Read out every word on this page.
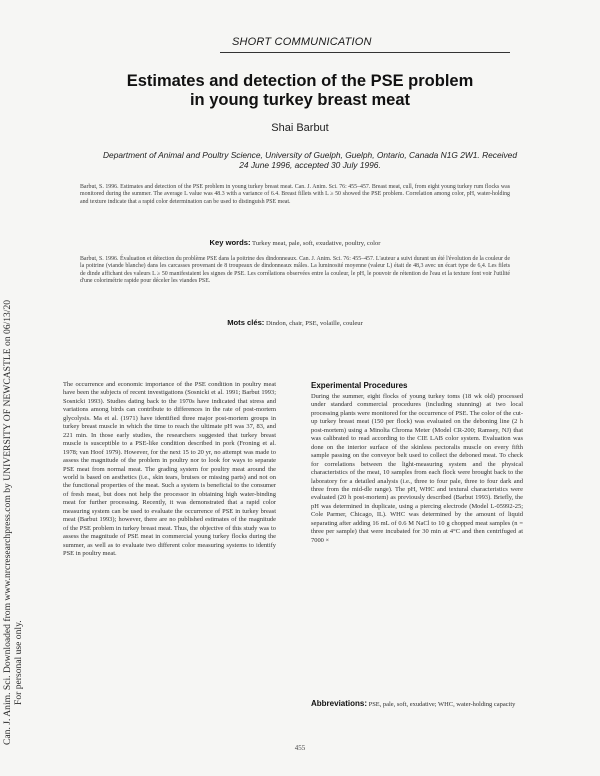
Can. J. Anim. Sci. Downloaded from www.nrcresearchpress.com by UNIVERSITY OF NEWCASTLE on 06/13/20 For personal use only.
SHORT COMMUNICATION
Estimates and detection of the PSE problem
in young turkey breast meat
Shai Barbut
Department of Animal and Poultry Science, University of Guelph, Guelph, Ontario, Canada N1G 2W1. Received
24 June 1996, accepted 30 July 1996.
Barbut, S. 1996. Estimates and detection of the PSE problem in young turkey breast meat. Can. J. Anim. Sci. 76: 455–457. Breast meat, cull, from eight young turkey rum flocks was monitored during the summer. The average L value was 48.3 with a variance of 6.4. Breast fillets with L ≥ 50 showed the PSE problem. Correlation among color, pH, water-holding and texture indicate that a rapid color determination can be used to distinguish PSE meat.
Key words: Turkey meat, pale, soft, exudative, poultry, color
Barbut, S. 1996. Évaluation et détection du problème PSE dans la poitrine des dindonneaux. Can. J. Anim. Sci. 76: 455–457. L'auteur a suivi durant un été l'évolution de la couleur de la poitrine (viande blanche) dans les carcasses provenant de 8 troupeaux de dindonneaux mâles. La luminosité moyenne (valeur L) était de 48,3 avec un écart type de 6,4. Les filets de dinde affichant des valeurs L ≥ 50 manifestaient les signes de PSE. Les corrélations observées entre la couleur, le pH, le pouvoir de rétention de l'eau et la texture font voir l'utilité d'une colorimétrie rapide pour déceler les viandes PSE.
Mots clés: Dindon, chair, PSE, volaille, couleur

The occurrence and economic importance of the PSE condition in poultry meat have been the subjects of recent investigations (Sosnicki et al. 1991; Barbut 1993; Sosnicki 1993). Studies dating back to the 1970s have indicated that stress and variations among birds can contribute to differences in the rate of post-mortem glycolysis. Ma et al. (1971) have identified three major post-mortem groups in turkey breast muscle in which the time to reach the ultimate pH was 37, 83, and 221 min. In those early studies, the researchers suggested that turkey breast muscle is susceptible to a PSE-like condition described in pork (Froning et al. 1978; van Hoof 1979). However, for the next 15 to 20 yr, no attempt was made to assess the magnitude of the problem in poultry nor to look for ways to separate PSE meat from normal meat. The grading system for poultry meat around the world is based on aesthetics (i.e., skin tears, bruises or missing parts) and not on the functional properties of the meat. Such a system is beneficial to the consumer of fresh meat, but does not help the processor in obtaining high water-binding meat for further processing. Recently, it was demonstrated that a rapid color measuring system can be used to evaluate the occurrence of PSE in turkey breast meat (Barbut 1993); however, there are no published estimates of the magnitude of the PSE problem in turkey breast meat. Thus, the objective of this study was to assess the magnitude of PSE meat in commercial young turkey flocks during the summer, as well as to evaluate two different color measuring systems to identify PSE in poultry meat.

Experimental Procedures

During the summer, eight flocks of young turkey toms (18 wk old) processed under standard commercial procedures (including stunning) at two local processing plants were monitored for the occurrence of PSE. The color of the cut-up turkey breast meat (150 per flock) was evaluated on the deboning line (2 h post-mortem) using a Minolta Chroma Meter (Model CR-200; Ramsey, NJ) that was calibrated to read according to the CIE LAB color system. Evaluation was done on the interior surface of the skinless pectoralis muscle on every fifth sample passing on the conveyor belt used to collect the deboned meat. To check for correlations between the light-measuring system and the physical characteristics of the meat, 10 samples from each flock were brought back to the laboratory for a detailed analysis (i.e., three to four pale, three to four dark and three from the mid-dle range). The pH, WHC and textural characteristics were evaluated (20 h post-mortem) as previously described (Barbut 1993). Briefly, the pH was determined in duplicate, using a piercing electrode (Model L-05992-25; Cole Parmer, Chicago, IL). WHC was determined by the amount of liquid separating after adding 16 mL of 0.6 M NaCl to 10 g chopped meat samples (n = three per sample) that were incubated for 30 min at 4°C and then centrifuged at 7000 ×

Abbreviations: PSE, pale, soft, exudative; WHC, water-holding capacity
455
